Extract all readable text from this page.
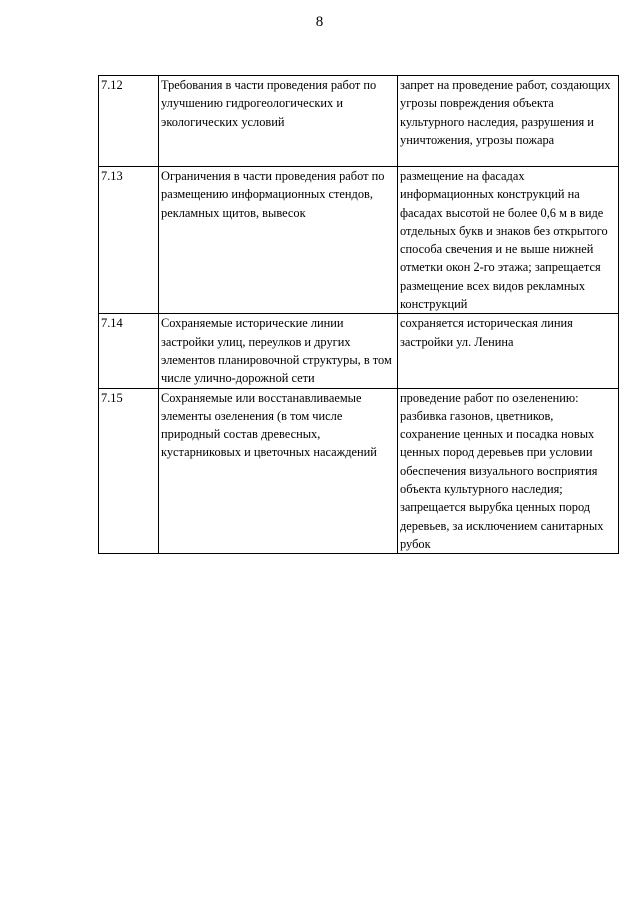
8
7.12	Требования в части проведения работ по улучшению гидрогеологических и экологических условий	запрет на проведение работ, создающих угрозы повреждения объекта культурного наследия, разрушения и уничтожения, угрозы пожара
7.13	Ограничения в части проведения работ по размещению информационных стендов, рекламных щитов, вывесок	размещение на фасадах информационных конструкций на фасадах высотой не более 0,6 м в виде отдельных букв и знаков без открытого способа свечения и не выше нижней отметки окон 2-го этажа; запрещается размещение всех видов рекламных конструкций
7.14	Сохраняемые исторические линии застройки улиц, переулков и других элементов планировочной структуры, в том числе улично-дорожной сети	сохраняется историческая линия застройки ул. Ленина
7.15	Сохраняемые или восстанавливаемые элементы озеленения (в том числе природный состав древесных, кустарниковых и цветочных насаждений	проведение работ по озеленению: разбивка газонов, цветников, сохранение ценных и посадка новых ценных пород деревьев при условии обеспечения визуального восприятия объекта культурного наследия; запрещается вырубка ценных пород деревьев, за исключением санитарных рубок
